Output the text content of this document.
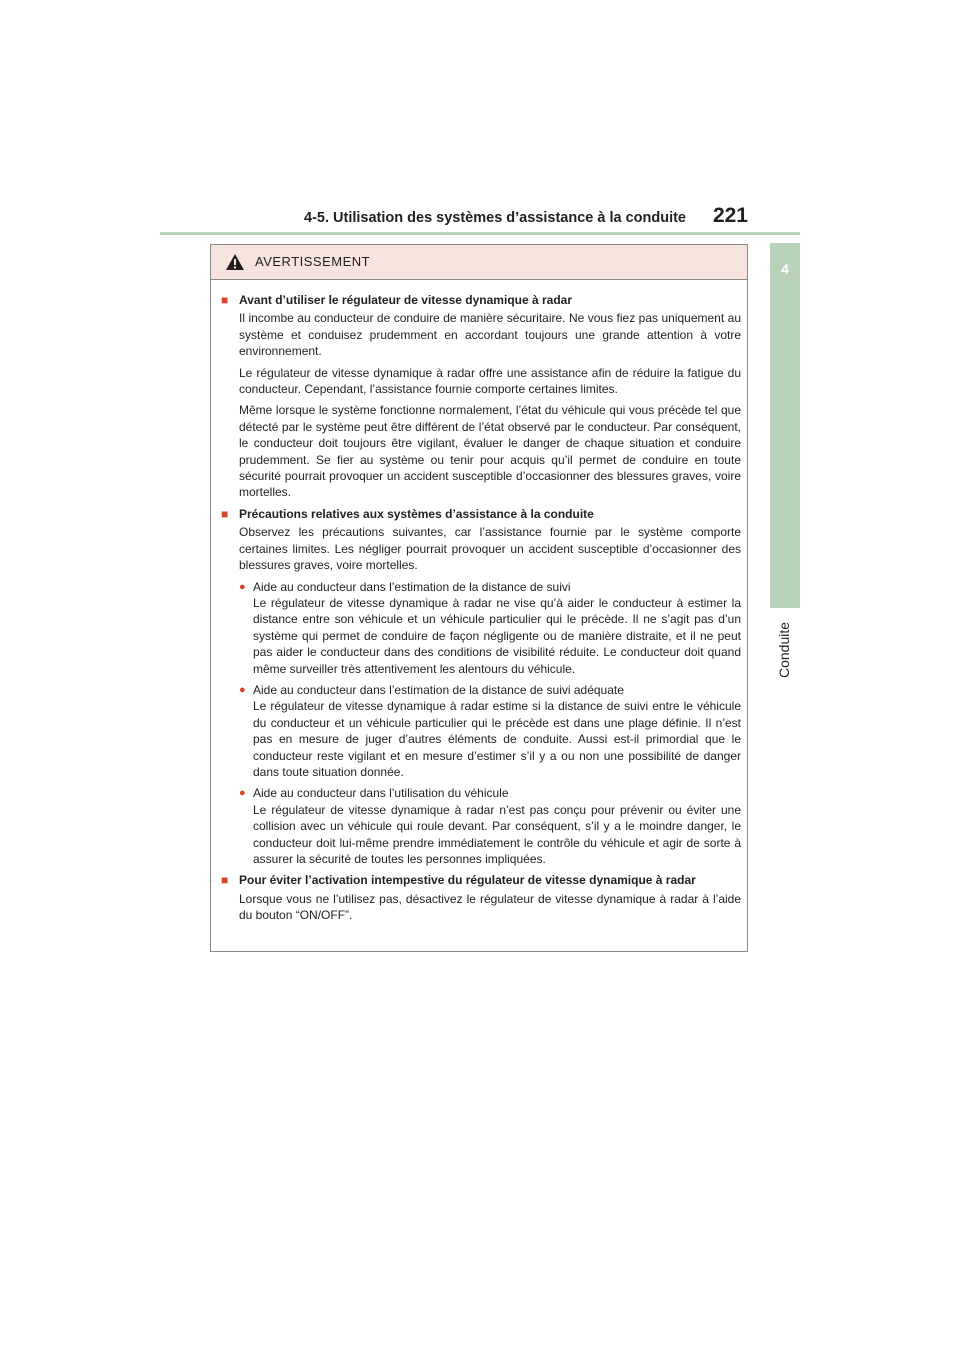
4-5. Utilisation des systèmes d’assistance à la conduite 221
4
Conduite
AVERTISSEMENT
■ Avant d’utiliser le régulateur de vitesse dynamique à radar

Il incombe au conducteur de conduire de manière sécuritaire. Ne vous fiez pas uniquement au système et conduisez prudemment en accordant toujours une grande attention à votre environnement.

Le régulateur de vitesse dynamique à radar offre une assistance afin de réduire la fatigue du conducteur. Cependant, l’assistance fournie comporte certaines limites.

Même lorsque le système fonctionne normalement, l’état du véhicule qui vous précède tel que détecté par le système peut être différent de l’état observé par le conducteur. Par conséquent, le conducteur doit toujours être vigilant, évaluer le danger de chaque situation et conduire prudemment. Se fier au système ou tenir pour acquis qu’il permet de conduire en toute sécurité pourrait provoquer un accident susceptible d’occasionner des blessures graves, voire mortelles.

■ Précautions relatives aux systèmes d’assistance à la conduite

Observez les précautions suivantes, car l’assistance fournie par le système comporte certaines limites. Les négliger pourrait provoquer un accident susceptible d’occasionner des blessures graves, voire mortelles.

● Aide au conducteur dans l’estimation de la distance de suivi
Le régulateur de vitesse dynamique à radar ne vise qu’à aider le conducteur à estimer la distance entre son véhicule et un véhicule particulier qui le précède. Il ne s’agit pas d’un système qui permet de conduire de façon négligente ou de manière distraite, et il ne peut pas aider le conducteur dans des conditions de visibilité réduite. Le conducteur doit quand même surveiller très attentivement les alentours du véhicule.
● Aide au conducteur dans l’estimation de la distance de suivi adéquate
Le régulateur de vitesse dynamique à radar estime si la distance de suivi entre le véhicule du conducteur et un véhicule particulier qui le précède est dans une plage définie. Il n’est pas en mesure de juger d’autres éléments de conduite. Aussi est-il primordial que le conducteur reste vigilant et en mesure d’estimer s’il y a ou non une possibilité de danger dans toute situation donnée.
● Aide au conducteur dans l’utilisation du véhicule
Le régulateur de vitesse dynamique à radar n’est pas conçu pour prévenir ou éviter une collision avec un véhicule qui roule devant. Par conséquent, s’il y a le moindre danger, le conducteur doit lui-même prendre immédiatement le contrôle du véhicule et agir de sorte à assurer la sécurité de toutes les personnes impliquées.
■ Pour éviter l’activation intempestive du régulateur de vitesse dynamique à radar

Lorsque vous ne l’utilisez pas, désactivez le régulateur de vitesse dynamique à radar à l’aide du bouton “ON/OFF”.
